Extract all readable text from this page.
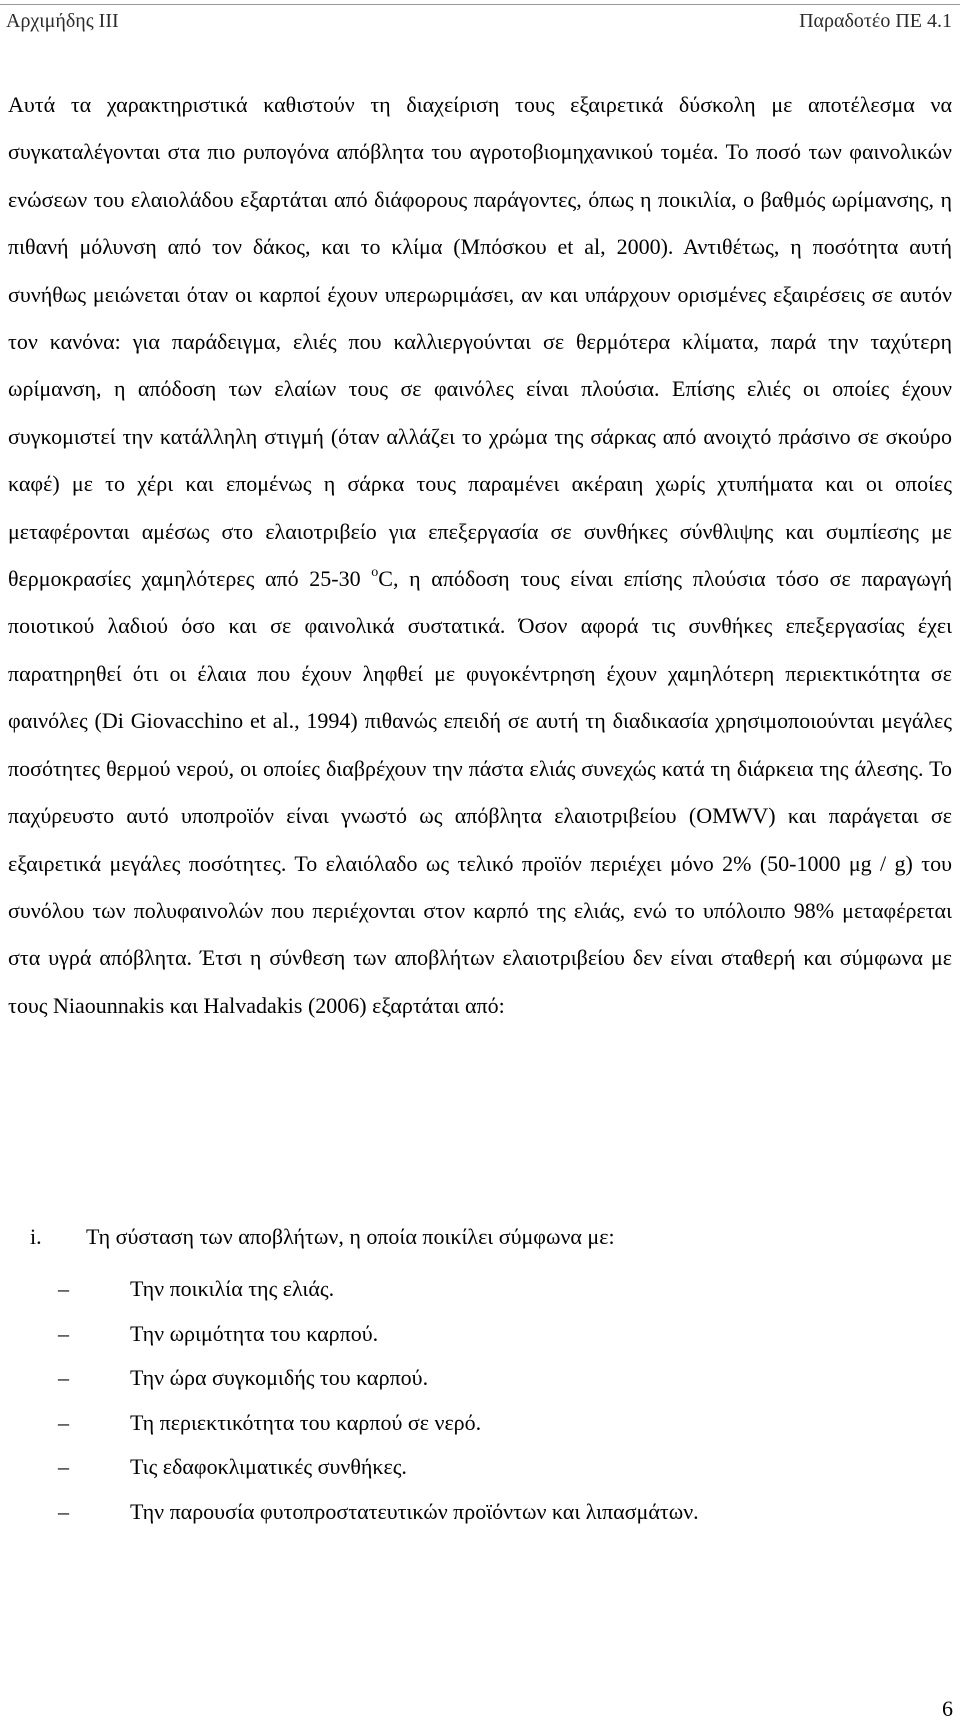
Αρχιμήδης ΙΙΙ	Παραδοτέο ΠΕ 4.1

Αυτά τα χαρακτηριστικά καθιστούν τη διαχείριση τους εξαιρετικά δύσκολη με αποτέλεσμα να συγκαταλέγονται στα πιο ρυπογόνα απόβλητα του αγροτοβιομηχανικού τομέα. Το ποσό των φαινολικών ενώσεων του ελαιολάδου εξαρτάται από διάφορους παράγοντες, όπως η ποικιλία, ο βαθμός ωρίμανσης, η πιθανή μόλυνση από τον δάκος, και το κλίμα (Μπόσκου et al, 2000). Αντιθέτως, η ποσότητα αυτή συνήθως μειώνεται όταν οι καρποί έχουν υπερωριμάσει, αν και υπάρχουν ορισμένες εξαιρέσεις σε αυτόν τον κανόνα: για παράδειγμα, ελιές που καλλιεργούνται σε θερμότερα κλίματα, παρά την ταχύτερη ωρίμανση, η απόδοση των ελαίων τους σε φαινόλες είναι πλούσια. Επίσης ελιές οι οποίες έχουν συγκομιστεί την κατάλληλη στιγμή (όταν αλλάζει το χρώμα της σάρκας από ανοιχτό πράσινο σε σκούρο καφέ) με το χέρι και επομένως η σάρκα τους παραμένει ακέραιη χωρίς χτυπήματα και οι οποίες μεταφέρονται αμέσως στο ελαιοτριβείο για επεξεργασία σε συνθήκες σύνθλιψης και συμπίεσης με θερμοκρασίες χαμηλότερες από 25-30 $^o$C, η απόδοση τους είναι επίσης πλούσια τόσο σε παραγωγή ποιοτικού λαδιού όσο και σε φαινολικά συστατικά. Όσον αφορά τις συνθήκες επεξεργασίας έχει παρατηρηθεί ότι οι έλαια που έχουν ληφθεί με φυγοκέντρηση έχουν χαμηλότερη περιεκτικότητα σε φαινόλες (Di Giovacchino et al., 1994) πιθανώς επειδή σε αυτή τη διαδικασία χρησιμοποιούνται μεγάλες ποσότητες θερμού νερού, οι οποίες διαβρέχουν την πάστα ελιάς συνεχώς κατά τη διάρκεια της άλεσης. Το παχύρευστο αυτό υποπροϊόν είναι γνωστό ως απόβλητα ελαιοτριβείου (OMWV) και παράγεται σε εξαιρετικά μεγάλες ποσότητες. Το ελαιόλαδο ως τελικό προϊόν περιέχει μόνο 2% (50-1000 μg / g) του συνόλου των πολυφαινολών που περιέχονται στον καρπό της ελιάς, ενώ το υπόλοιπο 98% μεταφέρεται στα υγρά απόβλητα. Έτσι η σύνθεση των αποβλήτων ελαιοτριβείου δεν είναι σταθερή και σύμφωνα με τους Niaounnakis και Halvadakis (2006) εξαρτάται από:

i. Τη σύσταση των αποβλήτων, η οποία ποικίλει σύμφωνα με:
–	Την ποικιλία της ελιάς.
–	Την ωριμότητα του καρπού.
–	Την ώρα συγκομιδής του καρπού.
–	Τη περιεκτικότητα του καρπού σε νερό.
–	Τις εδαφοκλιματικές συνθήκες.
–	Την παρουσία φυτοπροστατευτικών προϊόντων και λιπασμάτων.
6
